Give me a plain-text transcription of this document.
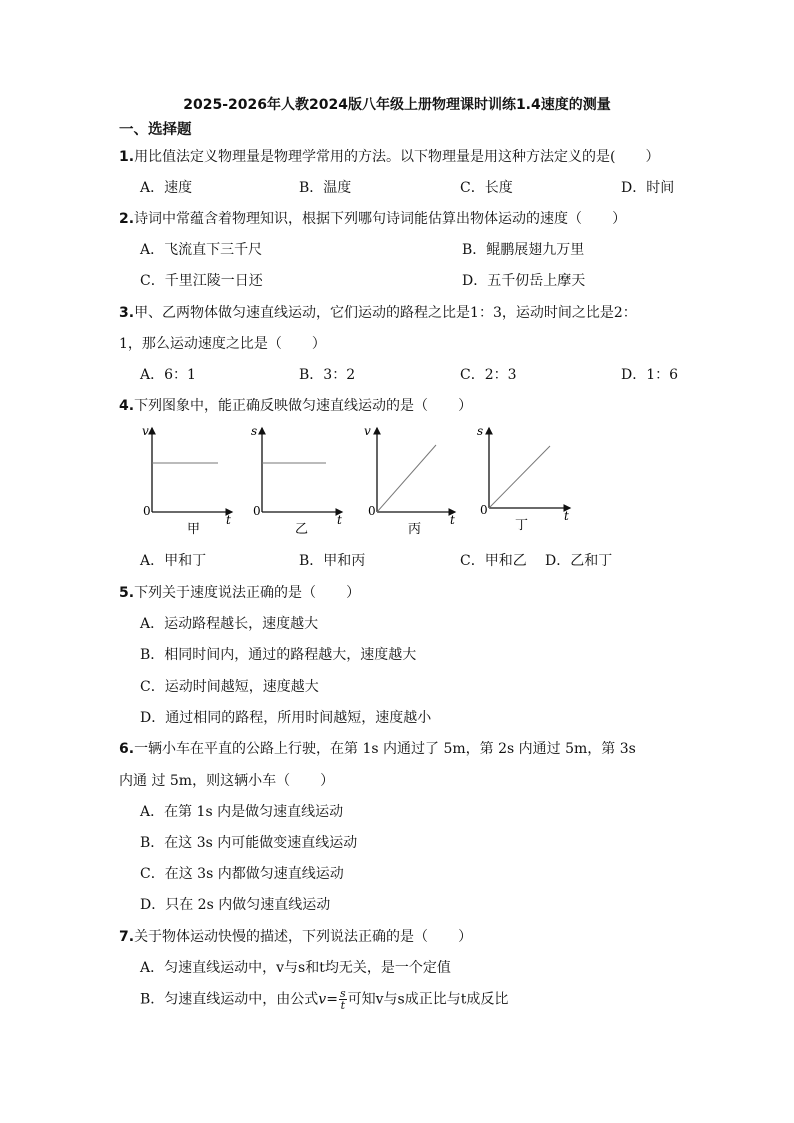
2025-2026年人教2024版八年级上册物理课时训练1.4速度的测量
一、选择题
1.用比值法定义物理量是物理学常用的方法。以下物理量是用这种方法定义的是( ）
A．速度	B．温度	C．长度	D．时间
2.诗词中常蕴含着物理知识，根据下列哪句诗词能估算出物体运动的速度（ ）
A．飞流直下三千尺	B．鲲鹏展翅九万里
C．千里江陵一日还	D．五千仞岳上摩天
3.甲、乙两物体做匀速直线运动，它们运动的路程之比是1：3，运动时间之比是2：
1，那么运动速度之比是（ ）
A．6：1	B．3：2	C．2：3	D．1：6
4.下列图象中，能正确反映做匀速直线运动的是（ ）
v
t
0
甲
s
t
0
乙
v
t
0
丙
s
t
0
丁
A．甲和丁	B．甲和丙	C．甲和乙 D．乙和丁
5.下列关于速度说法正确的是（ ）
A．运动路程越长，速度越大
B．相同时间内，通过的路程越大，速度越大
C．运动时间越短，速度越大
D．通过相同的路程，所用时间越短，速度越小
6.一辆小车在平直的公路上行驶，在第 1s 内通过了 5m，第 2s 内通过 5m，第 3s
内通 过 5m，则这辆小车（ ）
A．在第 1s 内是做匀速直线运动
B．在这 3s 内可能做变速直线运动
C．在这 3s 内都做匀速直线运动
D．只在 2s 内做匀速直线运动
7.关于物体运动快慢的描述，下列说法正确的是（ ）
A．匀速直线运动中，v与s和t均无关，是一个定值
B．匀速直线运动中，由公式$v= \frac{s}{t}$ 可知v与s成正比与t成反比
